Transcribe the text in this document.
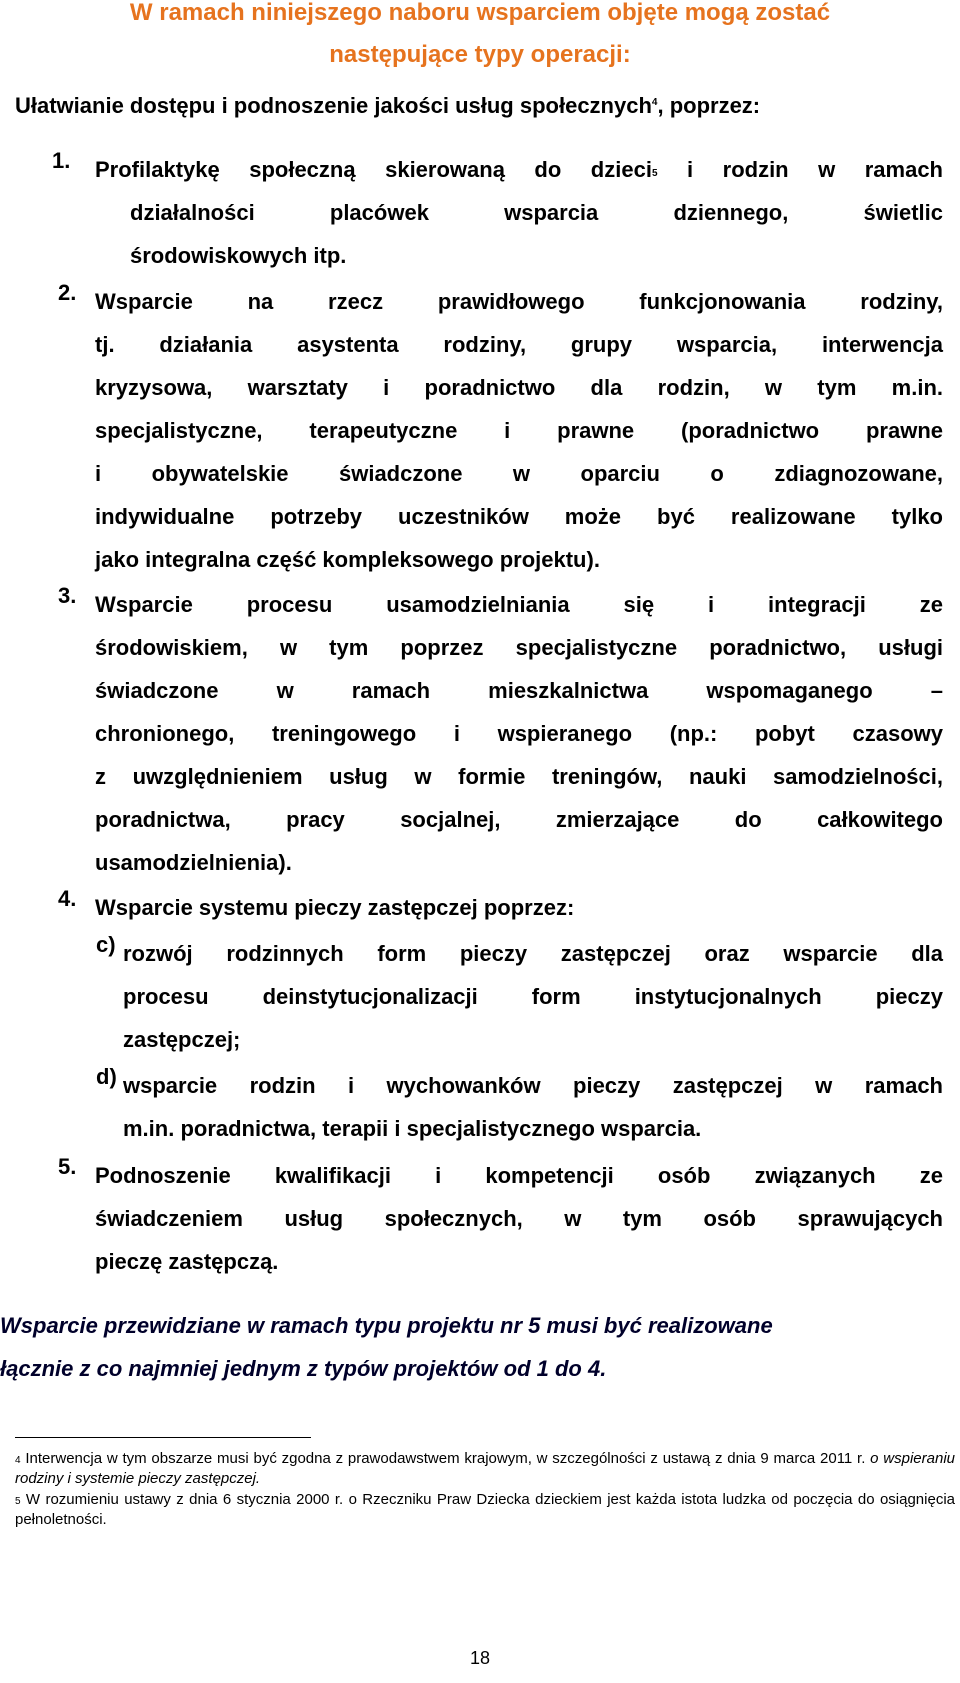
W ramach niniejszego naboru wsparciem objęte mogą zostać
następujące typy operacji:
Ułatwianie dostępu i podnoszenie jakości usług społecznych$^4$, poprzez:
1. Profilaktykę społeczną skierowaną do dzieci$^5$ i rodzin w ramach
działalności placówek wsparcia dziennego, świetlic
środowiskowych itp.
2. Wsparcie na rzecz prawidłowego funkcjonowania rodziny,
tj. działania asystenta rodziny, grupy wsparcia, interwencja
kryzysowa, warsztaty i poradnictwo dla rodzin, w tym m.in.
specjalistyczne, terapeutyczne i prawne (poradnictwo prawne
i obywatelskie świadczone w oparciu o zdiagnozowane,
indywidualne potrzeby uczestników może być realizowane tylko
jako integralna część kompleksowego projektu).
3. Wsparcie procesu usamodzielniania się i integracji ze
środowiskiem, w tym poprzez specjalistyczne poradnictwo, usługi
świadczone w ramach mieszkalnictwa wspomaganego –
chronionego, treningowego i wspieranego (np.: pobyt czasowy
z uwzględnieniem usług w formie treningów, nauki samodzielności,
poradnictwa, pracy socjalnej, zmierzające do całkowitego
usamodzielnienia).
4. Wsparcie systemu pieczy zastępczej poprzez:
c) rozwój rodzinnych form pieczy zastępczej oraz wsparcie dla
procesu deinstytucjonalizacji form instytucjonalnych pieczy
zastępczej;
d) wsparcie rodzin i wychowanków pieczy zastępczej w ramach
m.in. poradnictwa, terapii i specjalistycznego wsparcia.
5. Podnoszenie kwalifikacji i kompetencji osób związanych ze
świadczeniem usług społecznych, w tym osób sprawujących
pieczę zastępczą.
Wsparcie przewidziane w ramach typu projektu nr 5 musi być realizowane
łącznie z co najmniej jednym z typów projektów od 1 do 4.
$^4$ Interwencja w tym obszarze musi być zgodna z prawodawstwem krajowym, w szczególności z ustawą z dnia 9 marca 2011 r. o wspieraniu rodziny i systemie pieczy zastępczej.
$^5$ W rozumieniu ustawy z dnia 6 stycznia 2000 r. o Rzeczniku Praw Dziecka dzieckiem jest każda istota ludzka od poczęcia do osiągnięcia pełnoletności.
18
